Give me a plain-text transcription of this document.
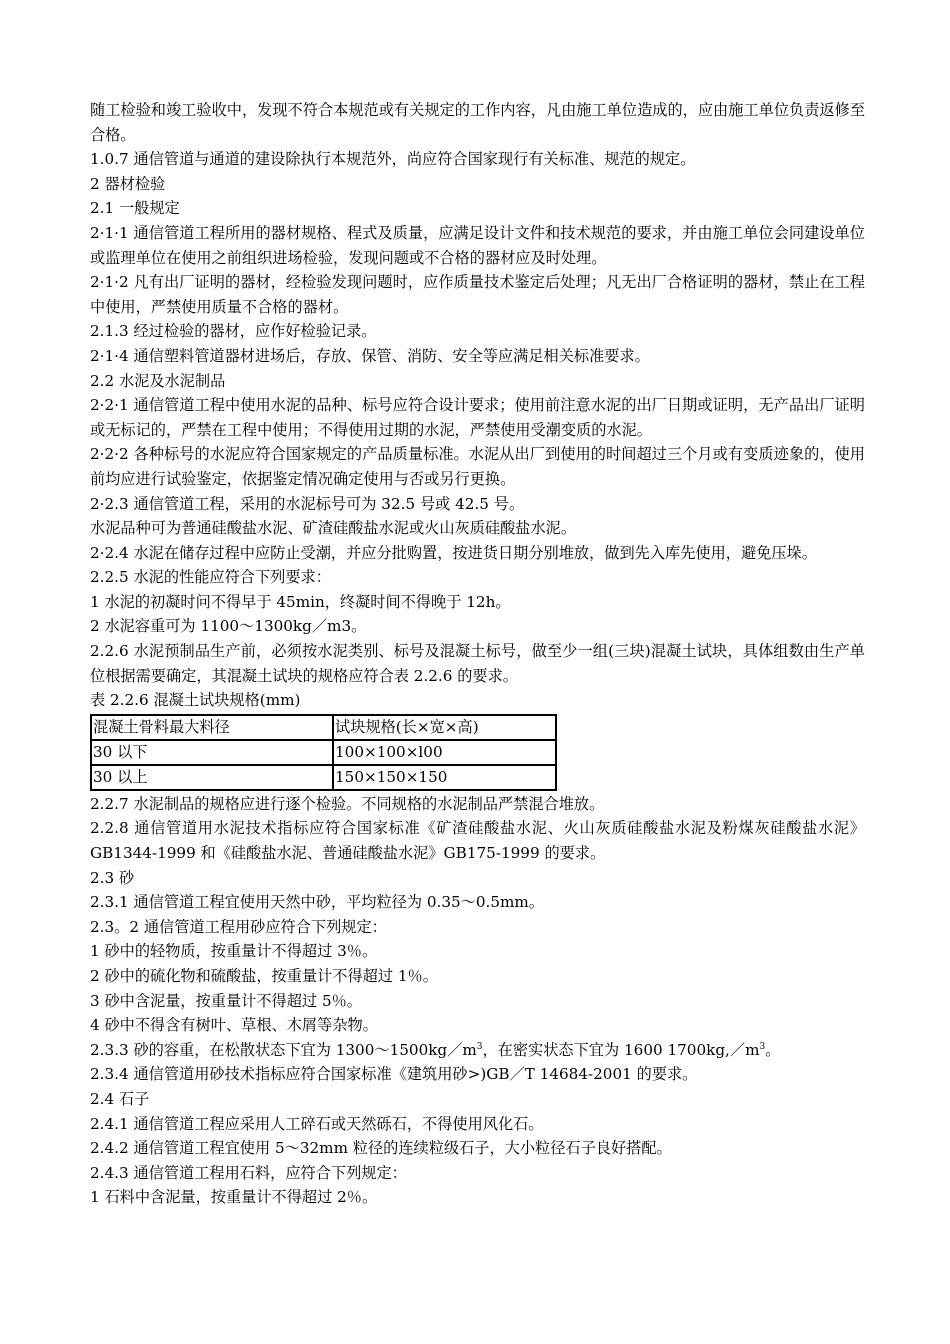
随工检验和竣工验收中，发现不符合本规范或有关规定的工作内容，凡由施工单位造成的，应由施工单位负责返修至合格。

1.0.7 通信管道与通道的建设除执行本规范外，尚应符合国家现行有关标准、规范的规定。

2 器材检验

2.1 一般规定

2·1·1 通信管道工程所用的器材规格、程式及质量，应满足设计文件和技术规范的要求，并由施工单位会同建设单位或监理单位在使用之前组织进场检验，发现问题或不合格的器材应及时处理。

2·1·2 凡有出厂证明的器材，经检验发现问题时，应作质量技术鉴定后处理；凡无出厂合格证明的器材，禁止在工程中使用，严禁使用质量不合格的器材。

2.1.3 经过检验的器材，应作好检验记录。

2·1·4 通信塑料管道器材进场后，存放、保管、消防、安全等应满足相关标准要求。

2.2 水泥及水泥制品

2·2·1 通信管道工程中使用水泥的品种、标号应符合设计要求；使用前注意水泥的出厂日期或证明，无产品出厂证明或无标记的，严禁在工程中使用；不得使用过期的水泥，严禁使用受潮变质的水泥。

2·2·2 各种标号的水泥应符合国家规定的产品质量标准。水泥从出厂到使用的时间超过三个月或有变质迹象的，使用前均应进行试验鉴定，依据鉴定情况确定使用与否或另行更换。

2·2.3 通信管道工程，采用的水泥标号可为 32.5 号或 42.5 号。

水泥品种可为普通硅酸盐水泥、矿渣硅酸盐水泥或火山灰质硅酸盐水泥。

2·2.4 水泥在储存过程中应防止受潮，并应分批购置，按进货日期分别堆放，做到先入库先使用，避免压垛。

2.2.5 水泥的性能应符合下列要求：

1 水泥的初凝时问不得早于 45min，终凝时间不得晚于 12h。

2 水泥容重可为 1100～1300kg／m3。

2.2.6 水泥预制品生产前，必须按水泥类别、标号及混凝土标号，做至少一组(三块)混凝土试块，具体组数由生产单位根据需要确定，其混凝土试块的规格应符合表 2.2.6 的要求。

表 2.2.6 混凝土试块规格(mm)

混凝土骨料最大料径	试块规格(长×宽×高)
30 以下	100×100×l00
30 以上	150×150×150

2.2.7 水泥制品的规格应进行逐个检验。不同规格的水泥制品严禁混合堆放。

2.2.8 通信管道用水泥技术指标应符合国家标准《矿渣硅酸盐水泥、火山灰质硅酸盐水泥及粉煤灰硅酸盐水泥》GB1344-1999 和《硅酸盐水泥、普通硅酸盐水泥》GB175-1999 的要求。

2.3 砂

2.3.1 通信管道工程宜使用天然中砂，平均粒径为 0.35～0.5mm。

2.3。2 通信管道工程用砂应符合下列规定：

1 砂中的轻物质，按重量计不得超过 3％。

2 砂中的硫化物和硫酸盐，按重量计不得超过 1％。

3 砂中含泥量，按重量计不得超过 5％。

4 砂中不得含有树叶、草根、木屑等杂物。

2.3.3 砂的容重，在松散状态下宜为 $1300\sim 1500kg/m^3$，在密实状态下宜为 1600 $1700kg,/m^3$。

2.3.4 通信管道用砂技术指标应符合国家标准《建筑用砂>)GB／T 14684-2001 的要求。

2.4 石子

2.4.1 通信管道工程应采用人工碎石或天然砾石，不得使用风化石。

2.4.2 通信管道工程宜使用 5～32mm 粒径的连续粒级石子，大小粒径石子良好搭配。

2.4.3 通信管道工程用石料，应符合下列规定：

1 石料中含泥量，按重量计不得超过 2％。
